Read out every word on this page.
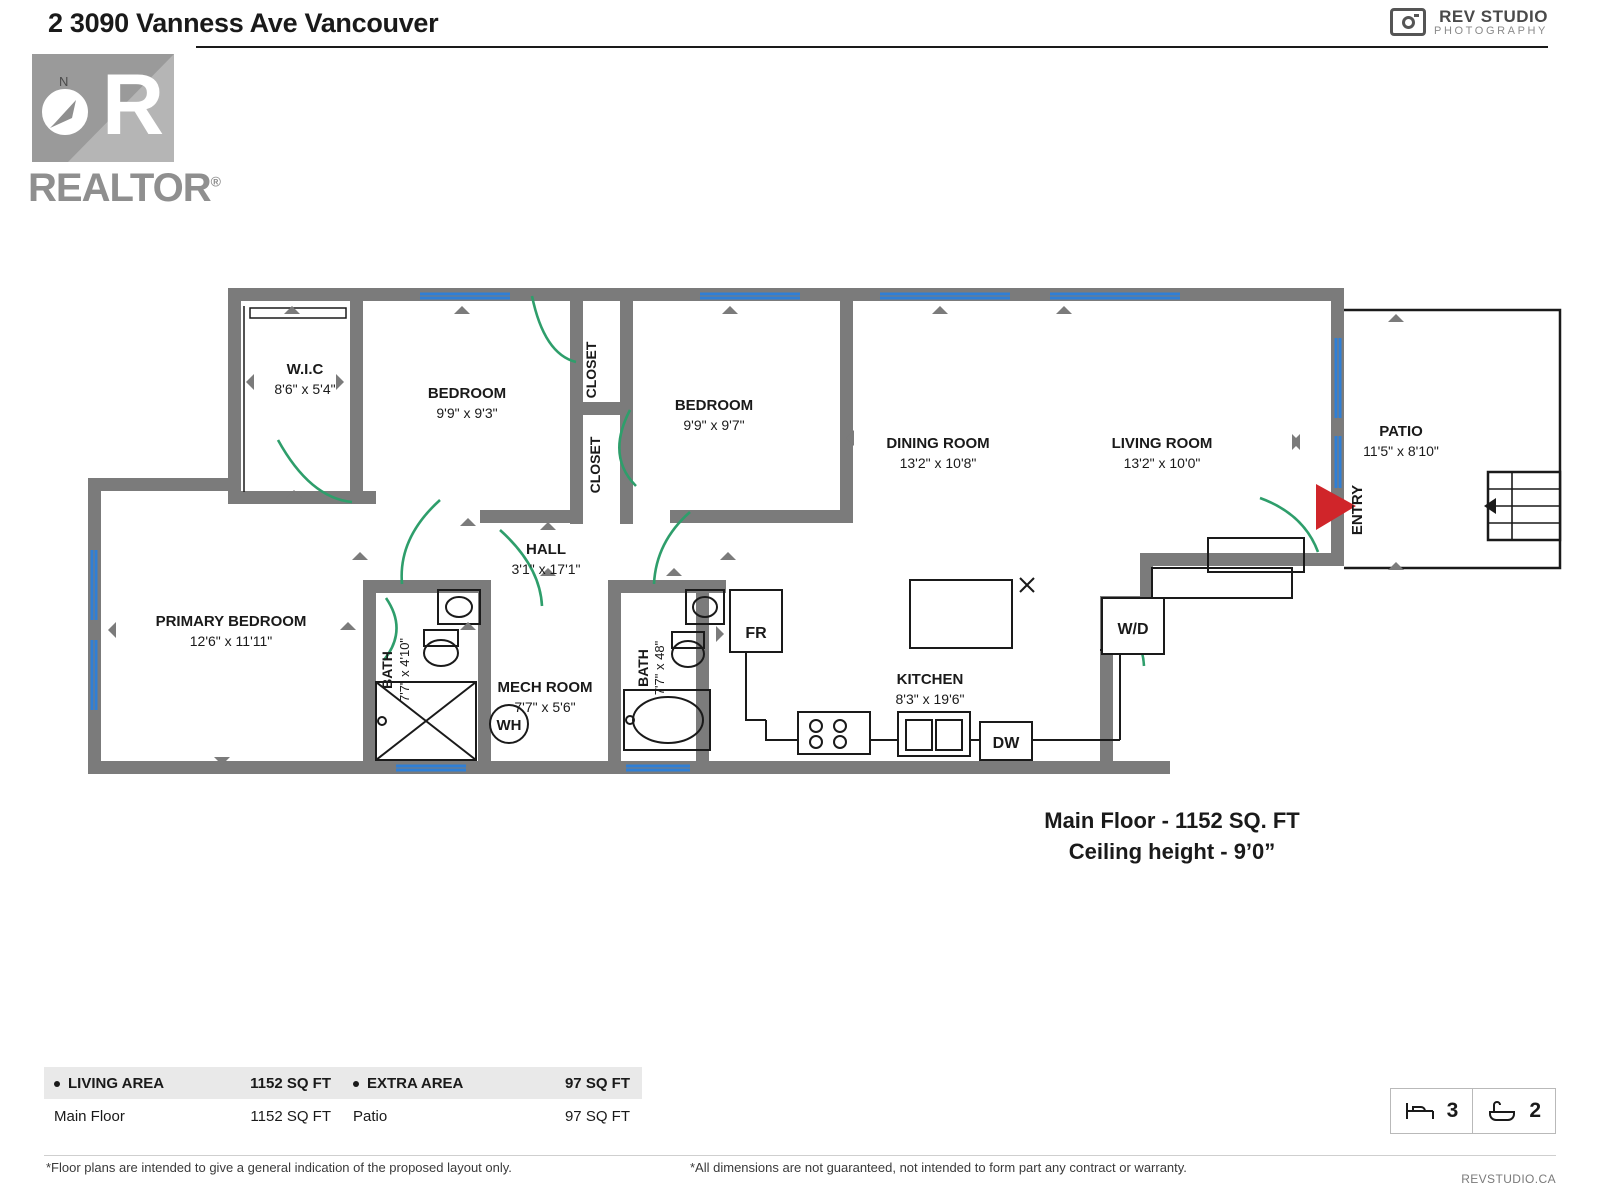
2 3090 Vanness Ave Vancouver	REV STUDIO
PHOTOGRAPHY
R
N
REALTOR®
W.I.C
8'6" x 5'4"	BEDROOM
9'9" x 9'3"	BEDROOM
9'9" x 9'7"
DINING ROOM
13'2" x 10'8"
LIVING ROOM
13'2" x 10'0"
PATIO
11'5" x 8'10"
HALL
3'1" x 17'1"
PRIMARY BEDROOM
12'6" x 11'11"
MECH ROOM
7'7" x 5'6"
KITCHEN
8'3" x 19'6"
CLOSET
CLOSET
ENTRY
BATH 7'7" x 4'10"	BATH 7'7" x 48"
FR	W/D
DW
WH
Main Floor - 1152 SQ. FT
Ceiling height - 9’0”
LIVING AREA	1152 SQ FT	EXTRA AREA	97 SQ FT
Main Floor	1152 SQ FT Patio	97 SQ FT	3	2
*Floor plans are intended to give a general indication of the proposed layout only.	*All dimensions are not guaranteed, not intended to form part any contract or warranty.
REVSTUDIO.CA
